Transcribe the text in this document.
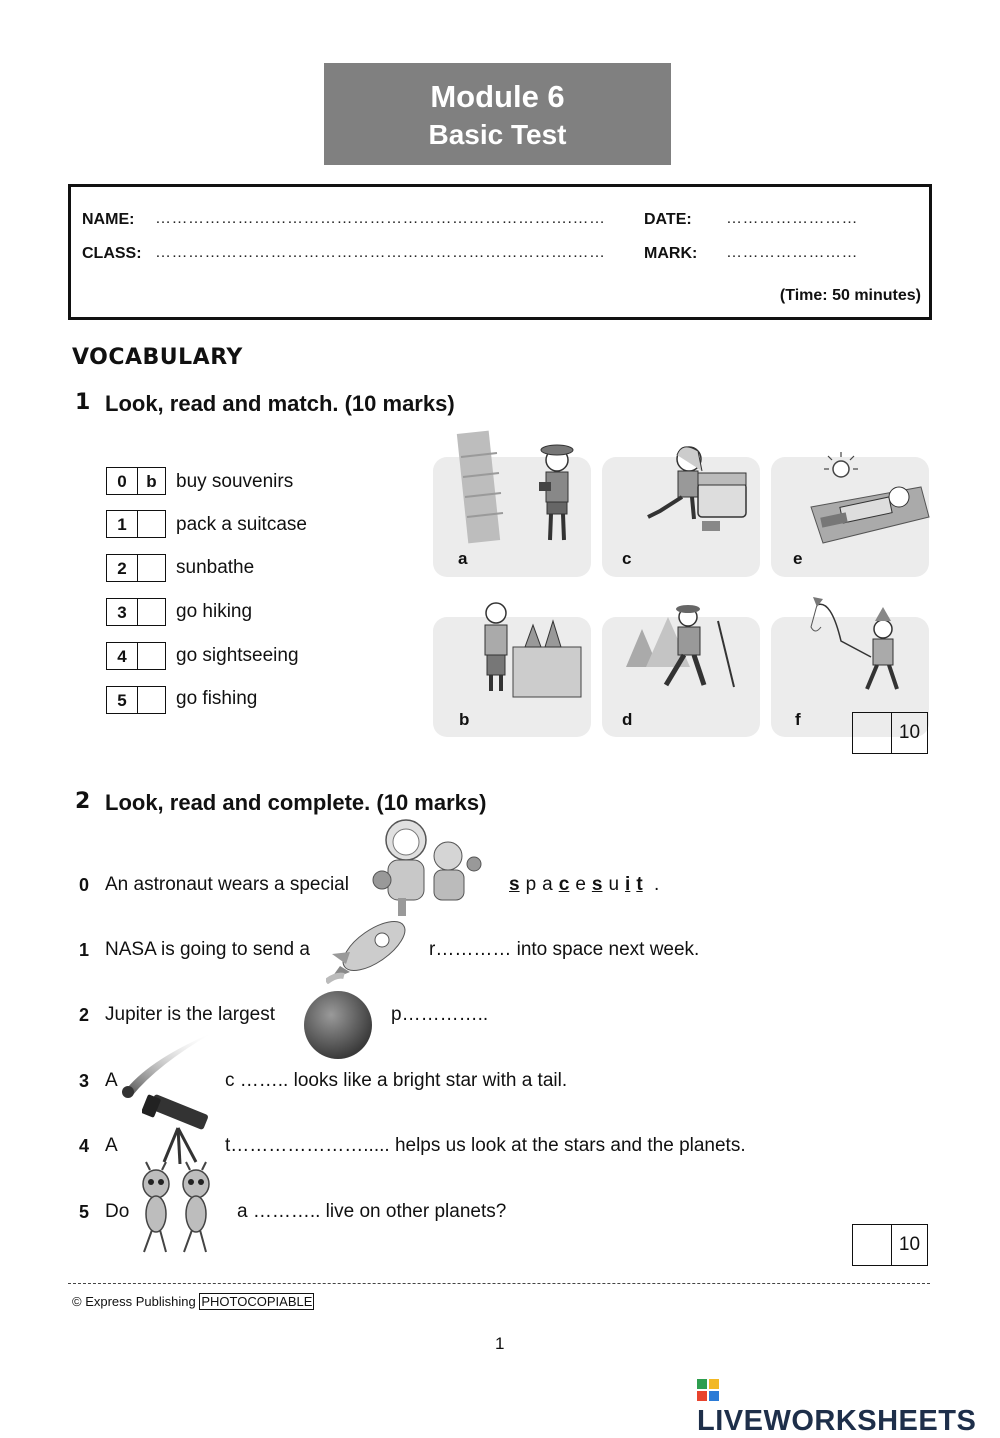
Module 6
Basic Test
NAME: ………………………………………………………………….…… DATE: ……………………
CLASS: ………………………………………………………………….…… MARK: ……………………
(Time: 50 minutes)
VOCABULARY
1 Look, read and match. (10 marks)
0	b	buy souvenirs
1	pack a suitcase
2	sunbathe
3	go hiking
4	go sightseeing
5	go fishing
a	c	e
b	d	f
10
2 Look, read and complete. (10 marks)
0 An astronaut wears a special	s p a c e s u i t .
1 NASA is going to send a	r………… into space next week.
2 Jupiter is the largest	p…………..
3 A	c …….. looks like a bright star with a tail.
4 A	t…………………..... helps us look at the stars and the planets.
5 Do	a ……….. live on other planets?
10
© Express Publishing PHOTOCOPIABLE
1
LIVEWORKSHEETS
